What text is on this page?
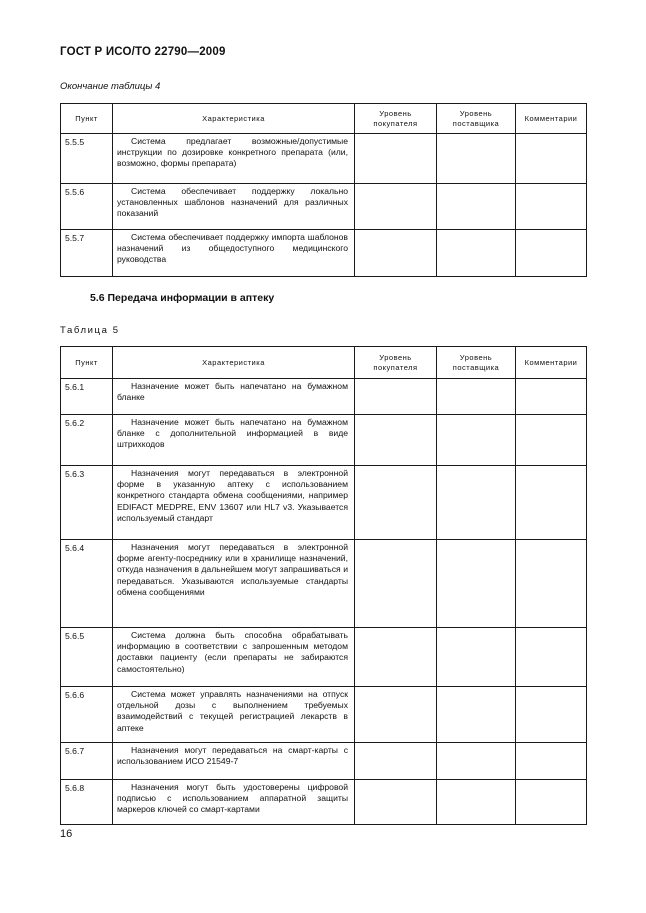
ГОСТ Р ИСО/ТО 22790—2009
Окончание таблицы 4
Пункт	Характеристика	Уровень покупателя	Уровень поставщика	Комментарии
5.5.5	Система предлагает возможные/допустимые инструкции по дозировке конкретного препарата (или, возможно, формы препарата)			
5.5.6	Система обеспечивает поддержку локально установленных шаблонов назначений для различных показаний			
5.5.7	Система обеспечивает поддержку импорта шаблонов назначений из общедоступного медицинского руководства			
5.6 Передача информации в аптеку
Таблица 5
Пункт	Характеристика	Уровень покупателя	Уровень поставщика	Комментарии
5.6.1	Назначение может быть напечатано на бумажном бланке			
5.6.2	Назначение может быть напечатано на бумажном бланке с дополнительной информацией в виде штрихкодов			
5.6.3	Назначения могут передаваться в электронной форме в указанную аптеку с использованием конкретного стандарта обмена сообщениями, например EDIFACT MEDPRE, ENV 13607 или HL7 v3. Указывается используемый стандарт			
5.6.4	Назначения могут передаваться в электронной форме агенту-посреднику или в хранилище назначений, откуда назначения в дальнейшем могут запрашиваться и передаваться. Указываются используемые стандарты обмена сообщениями			
5.6.5	Система должна быть способна обрабатывать информацию в соответствии с запрошенным методом доставки пациенту (если препараты не забираются самостоятельно)			
5.6.6	Система может управлять назначениями на отпуск отдельной дозы с выполнением требуемых взаимодействий с текущей регистрацией лекарств в аптеке			
5.6.7	Назначения могут передаваться на смарт-карты с использованием ИСО 21549-7			
5.6.8	Назначения могут быть удостоверены цифровой подписью с использованием аппаратной защиты маркеров ключей со смарт-картами			
16
